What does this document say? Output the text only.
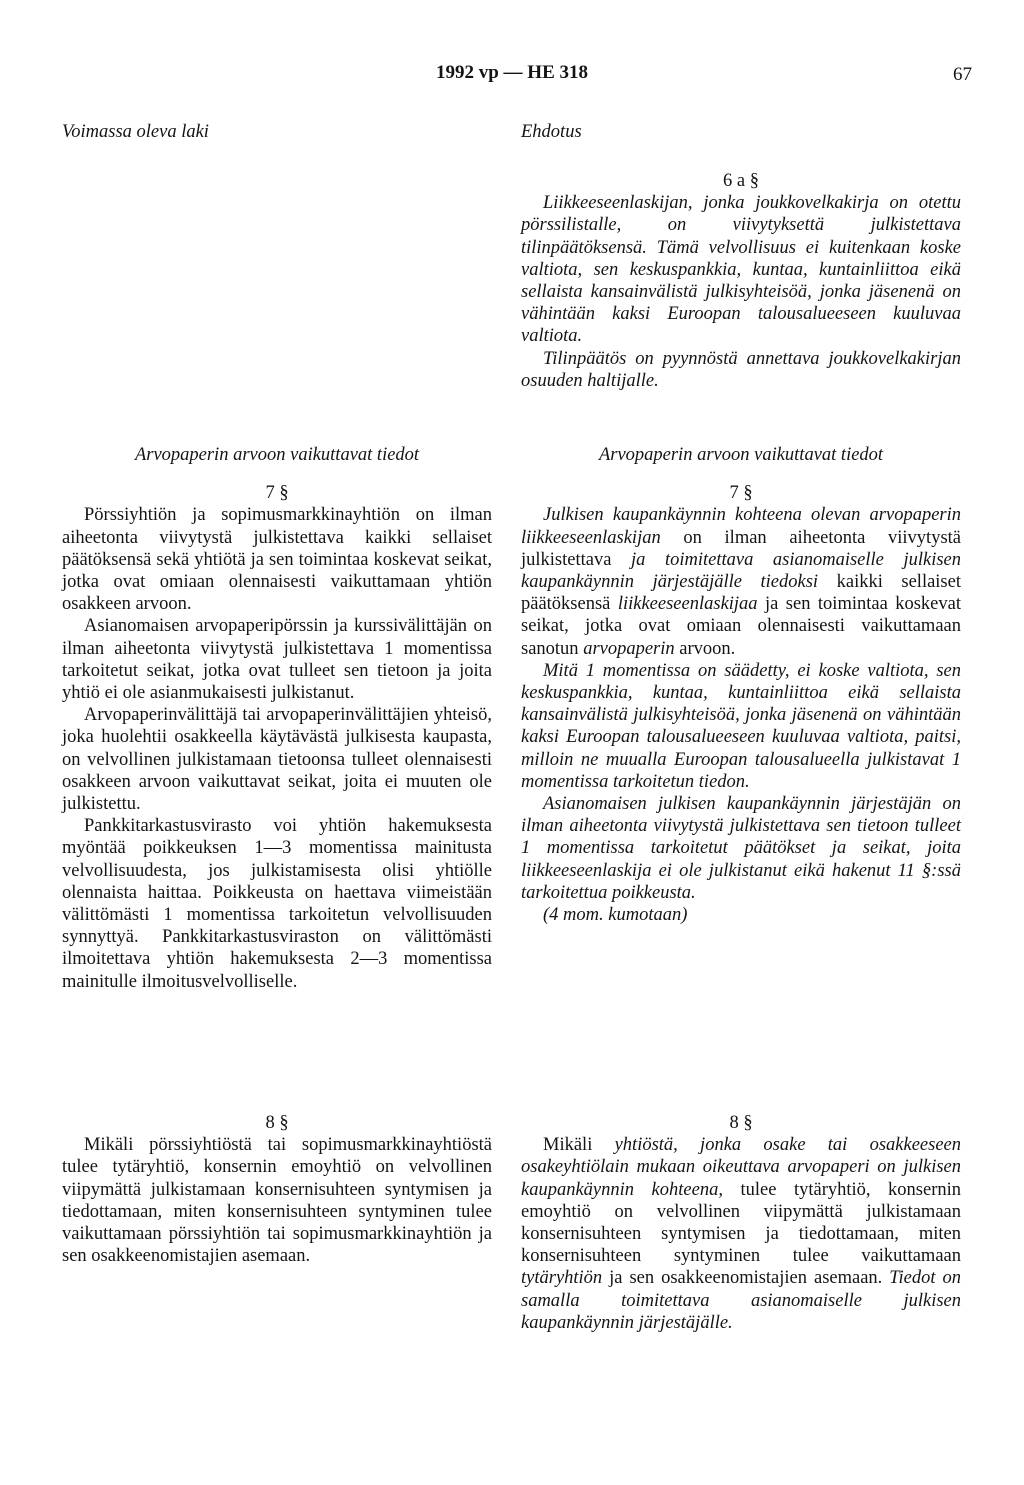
1992 vp — HE 318	67
Voimassa oleva laki	Ehdotus

6 a §

Liikkeeseenlaskijan, jonka joukkovelkakirja on otettu pörssilistalle, on viivytyksettä julkistettava tilinpäätöksensä. Tämä velvollisuus ei kuitenkaan koske valtiota, sen keskuspankkia, kuntaa, kuntainliittoa eikä sellaista kansainvälistä julkisyhteisöä, jonka jäsenenä on vähintään kaksi Euroopan talousalueeseen kuuluvaa valtiota.

Tilinpäätös on pyynnöstä annettava joukkovelkakirjan osuuden haltijalle.

Arvopaperin arvoon vaikuttavat tiedot

7 §

Pörssiyhtiön ja sopimusmarkkinayhtiön on ilman aiheetonta viivytystä julkistettava kaikki sellaiset päätöksensä sekä yhtiötä ja sen toimintaa koskevat seikat, jotka ovat omiaan olennaisesti vaikuttamaan yhtiön osakkeen arvoon.

Asianomaisen arvopaperipörssin ja kurssivälittäjän on ilman aiheetonta viivytystä julkistettava 1 momentissa tarkoitetut seikat, jotka ovat tulleet sen tietoon ja joita yhtiö ei ole asianmukaisesti julkistanut.

Arvopaperinvälittäjä tai arvopaperinvälittäjien yhteisö, joka huolehtii osakkeella käytävästä julkisesta kaupasta, on velvollinen julkistamaan tietoonsa tulleet olennaisesti osakkeen arvoon vaikuttavat seikat, joita ei muuten ole julkistettu.

Pankkitarkastusvirasto voi yhtiön hakemuksesta myöntää poikkeuksen 1—3 momentissa mainitusta velvollisuudesta, jos julkistamisesta olisi yhtiölle olennaista haittaa. Poikkeusta on haettava viimeistään välittömästi 1 momentissa tarkoitetun velvollisuuden synnyttyä. Pankkitarkastusviraston on välittömästi ilmoitettava yhtiön hakemuksesta 2—3 momentissa mainitulle ilmoitusvelvolliselle.

Arvopaperin arvoon vaikuttavat tiedot

7 §

Julkisen kaupankäynnin kohteena olevan arvopaperin liikkeeseenlaskijan on ilman aiheetonta viivytystä julkistettava ja toimitettava asianomaiselle julkisen kaupankäynnin järjestäjälle tiedoksi kaikki sellaiset päätöksensä liikkeeseenlaskijaa ja sen toimintaa koskevat seikat, jotka ovat omiaan olennaisesti vaikuttamaan sanotun arvopaperin arvoon.

Mitä 1 momentissa on säädetty, ei koske valtiota, sen keskuspankkia, kuntaa, kuntainliittoa eikä sellaista kansainvälistä julkisyhteisöä, jonka jäsenenä on vähintään kaksi Euroopan talousalueeseen kuuluvaa valtiota, paitsi, milloin ne muualla Euroopan talousalueella julkistavat 1 momentissa tarkoitetun tiedon.

Asianomaisen julkisen kaupankäynnin järjestäjän on ilman aiheetonta viivytystä julkistettava sen tietoon tulleet 1 momentissa tarkoitetut päätökset ja seikat, joita liikkeeseenlaskija ei ole julkistanut eikä hakenut 11 §:ssä tarkoitettua poikkeusta.

(4 mom. kumotaan)

8 §

Mikäli pörssiyhtiöstä tai sopimusmarkkinayhtiöstä tulee tytäryhtiö, konsernin emoyhtiö on velvollinen viipymättä julkistamaan konsernisuhteen syntymisen ja tiedottamaan, miten konsernisuhteen syntyminen tulee vaikuttamaan pörssiyhtiön tai sopimusmarkkinayhtiön ja sen osakkeenomistajien asemaan.

8 §

Mikäli yhtiöstä, jonka osake tai osakkeeseen osakeyhtiölain mukaan oikeuttava arvopaperi on julkisen kaupankäynnin kohteena, tulee tytäryhtiö, konsernin emoyhtiö on velvollinen viipymättä julkistamaan konsernisuhteen syntymisen ja tiedottamaan, miten konsernisuhteen syntyminen tulee vaikuttamaan tytäryhtiön ja sen osakkeenomistajien asemaan. Tiedot on samalla toimitettava asianomaiselle julkisen kaupankäynnin järjestäjälle.
